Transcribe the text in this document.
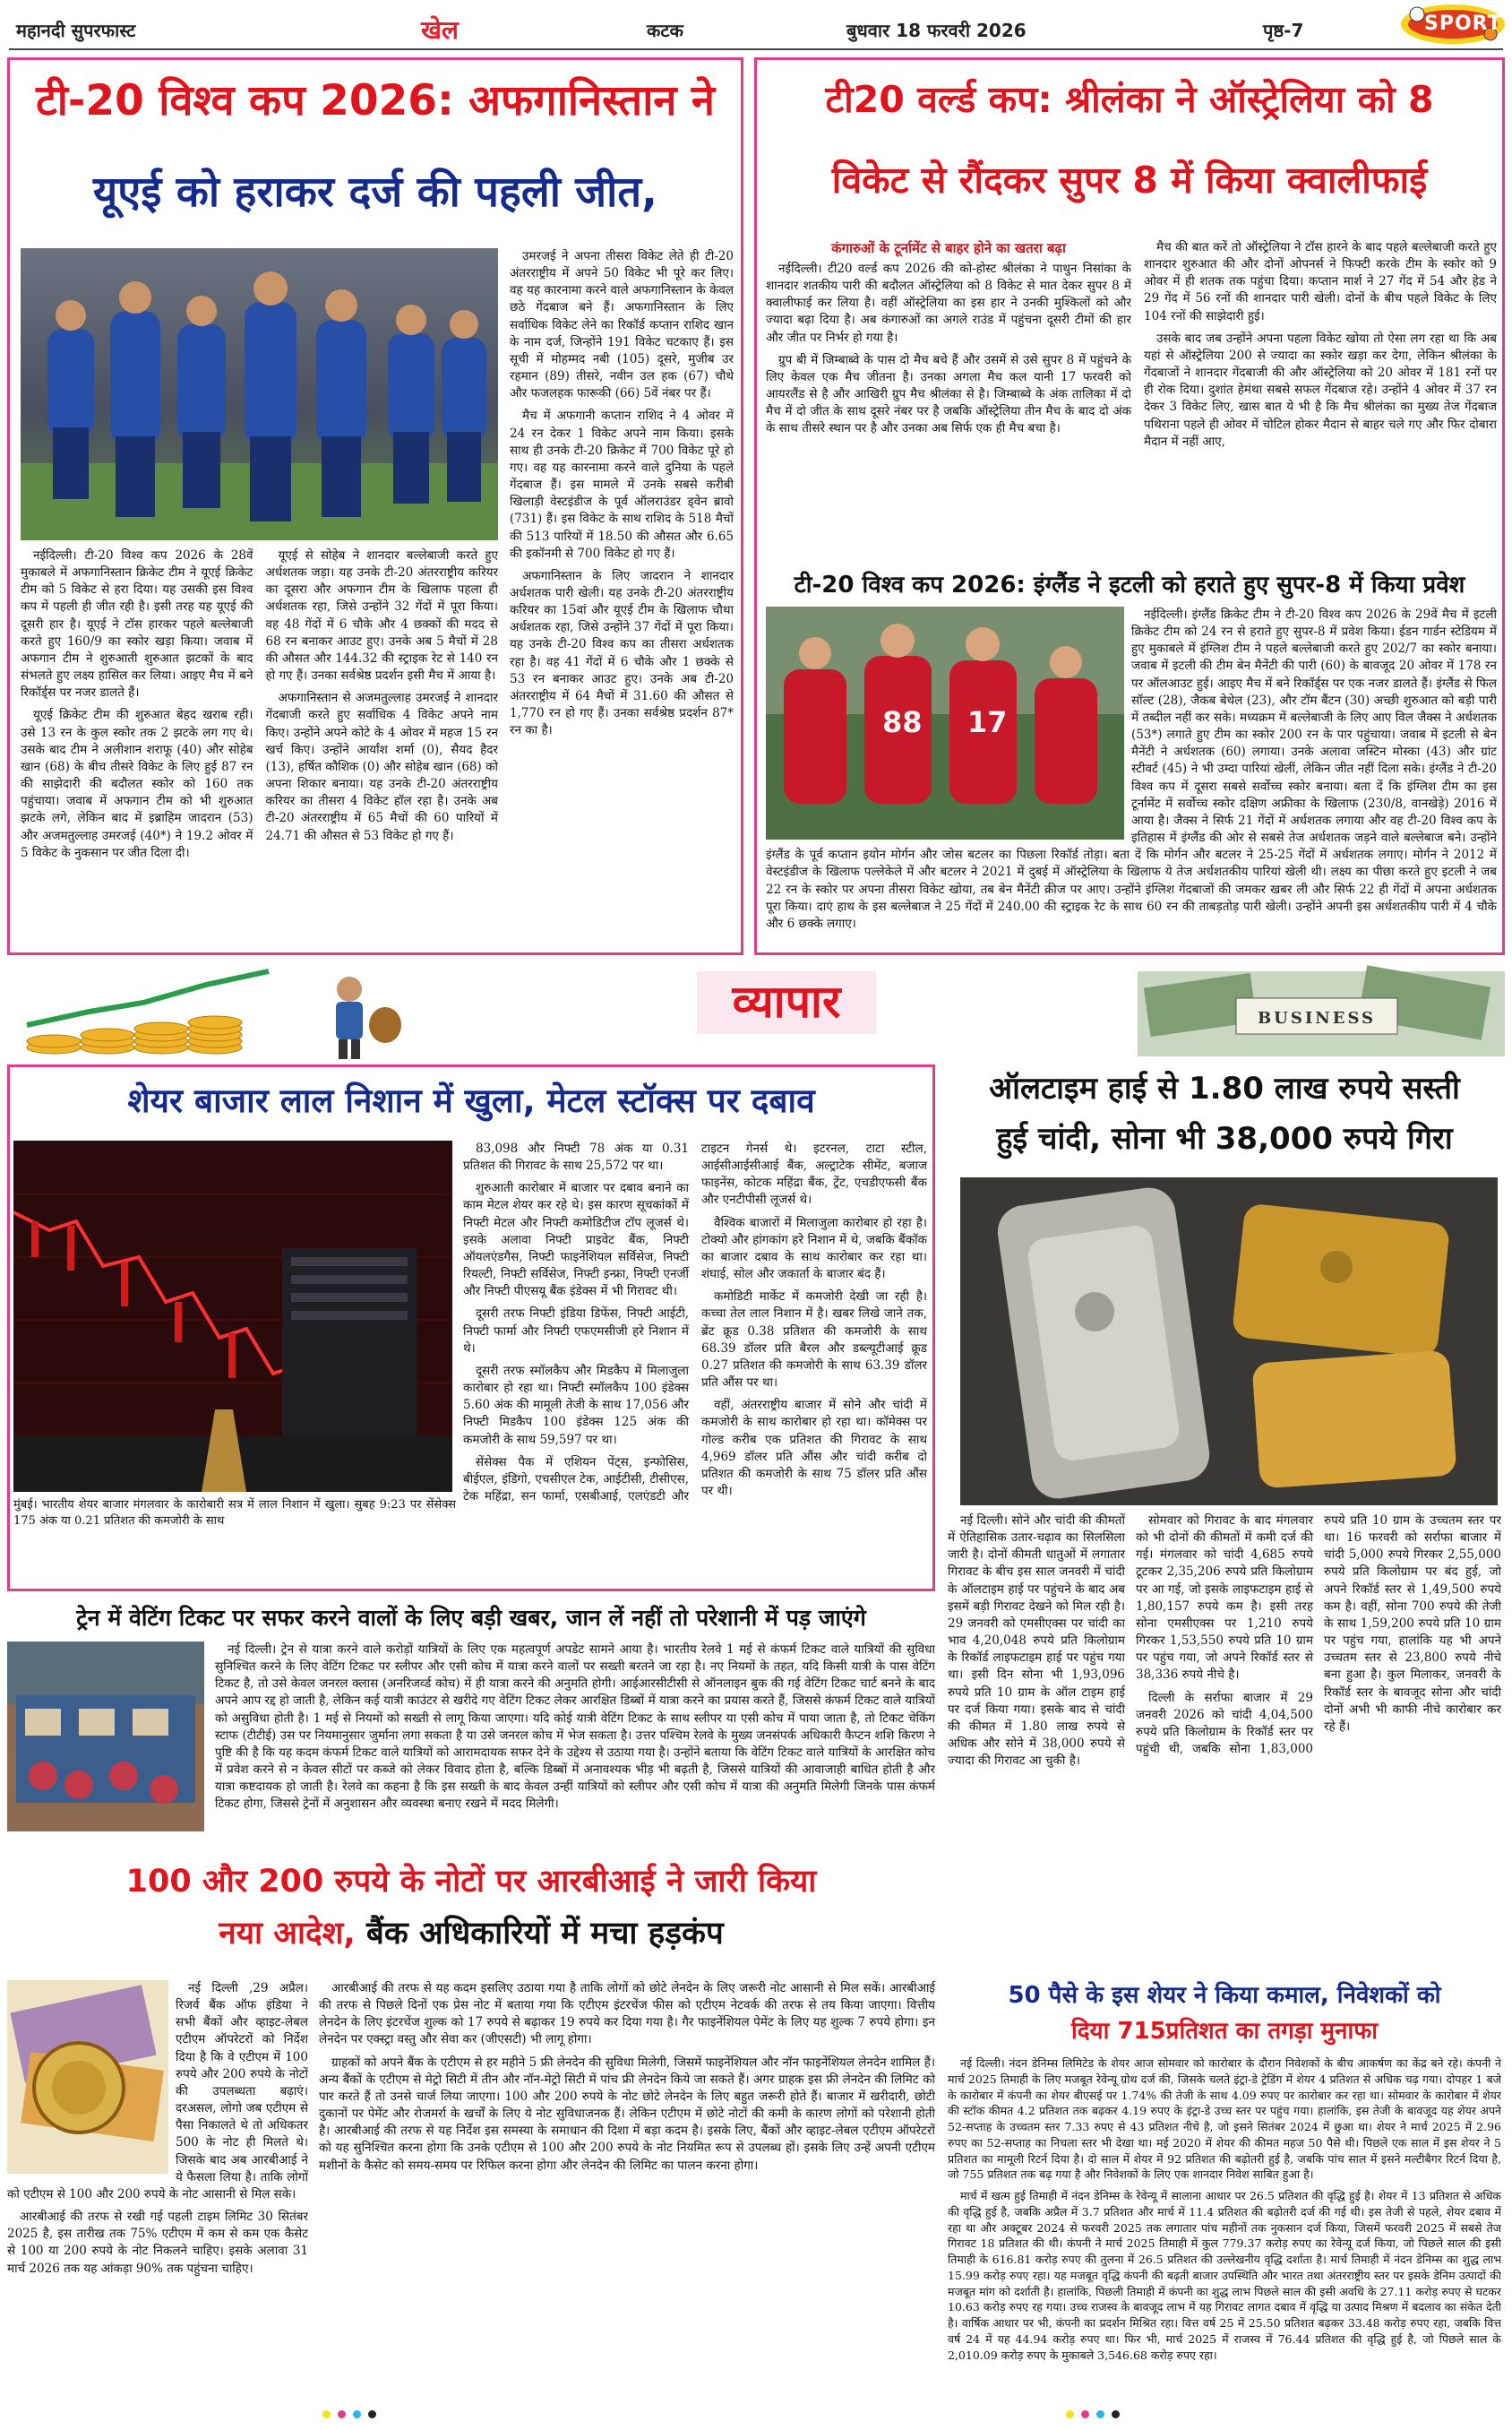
महानदी सुपरफास्ट	खेल	कटक	बुधवार 18 फरवरी 2026	पृष्ठ-7	SPORT
टी-20 विश्व कप 2026: अफगानिस्तान ने
यूएई को हराकर दर्ज की पहली जीत,

नईदिल्ली। टी-20 विश्व कप 2026 के 28वें मुकाबले में अफगानिस्तान क्रिकेट टीम ने यूएई क्रिकेट टीम को 5 विकेट से हरा दिया। यह उसकी इस विश्व कप में पहली ही जीत रही है। इसी तरह यह यूएई की दूसरी हार है। यूएई ने टॉस हारकर पहले बल्लेबाजी करते हुए 160/9 का स्कोर खड़ा किया। जवाब में अफगान टीम ने शुरुआती शुरुआत झटकों के बाद संभलते हुए लक्ष्य हासिल कर लिया। आइए मैच में बने रिकॉर्ड्स पर नजर डालते हैं।

यूएई क्रिकेट टीम की शुरुआत बेहद खराब रही। उसे 13 रन के कुल स्कोर तक 2 झटके लग गए थे। उसके बाद टीम ने अलीशान शराफू (40) और सोहेब खान (68) के बीच तीसरे विकेट के लिए हुई 87 रन की साझेदारी की बदौलत स्कोर को 160 तक पहुंचाया। जवाब में अफगान टीम को भी शुरुआत झटके लगे, लेकिन बाद में इब्राहिम जादरान (53) और अजमतुल्लाह उमरजई (40*) ने 19.2 ओवर में 5 विकेट के नुकसान पर जीत दिला दी।

यूएई से सोहेब ने शानदार बल्लेबाजी करते हुए अर्धशतक जड़ा। यह उनके टी-20 अंतरराष्ट्रीय करियर का दूसरा और अफगान टीम के खिलाफ पहला ही अर्धशतक रहा, जिसे उन्होंने 32 गेंदों में पूरा किया। वह 48 गेंदों में 6 चौके और 4 छक्कों की मदद से 68 रन बनाकर आउट हुए। उनके अब 5 मैचों में 28 की औसत और 144.32 की स्ट्राइक रेट से 140 रन हो गए हैं। उनका सर्वश्रेष्ठ प्रदर्शन इसी मैच में आया है।

अफगानिस्तान से अजमतुल्लाह उमरजई ने शानदार गेंदबाजी करते हुए सर्वाधिक 4 विकेट अपने नाम किए। उन्होंने अपने कोटे के 4 ओवर में महज 15 रन खर्च किए। उन्होंने आर्यांश शर्मा (0), सैयद हैदर (13), हर्षित कौशिक (0) और सोहेब खान (68) को अपना शिकार बनाया। यह उनके टी-20 अंतरराष्ट्रीय करियर का तीसरा 4 विकेट हॉल रहा है। उनके अब टी-20 अंतरराष्ट्रीय में 65 मैचों की 60 पारियों में 24.71 की औसत से 53 विकेट हो गए हैं।

उमरजई ने अपना तीसरा विकेट लेते ही टी-20 अंतरराष्ट्रीय में अपने 50 विकेट भी पूरे कर लिए। वह यह कारनामा करने वाले अफगानिस्तान के केवल छठे गेंदबाज बने हैं। अफगानिस्तान के लिए सर्वाधिक विकेट लेने का रिकॉर्ड कप्तान राशिद खान के नाम दर्ज, जिन्होंने 191 विकेट चटकाए हैं। इस सूची में मोहम्मद नबी (105) दूसरे, मुजीब उर रहमान (89) तीसरे, नवीन उल हक (67) चौथे और फजलहक फारूकी (66) 5वें नंबर पर हैं।

मैच में अफगानी कप्तान राशिद ने 4 ओवर में 24 रन देकर 1 विकेट अपने नाम किया। इसके साथ ही उनके टी-20 क्रिकेट में 700 विकेट पूरे हो गए। वह यह कारनामा करने वाले दुनिया के पहले गेंदबाज हैं। इस मामले में उनके सबसे करीबी खिलाड़ी वेस्टइंडीज के पूर्व ऑलराउंडर ड्वेन ब्रावो (731) हैं। इस विकेट के साथ राशिद के 518 मैचों की 513 पारियों में 18.50 की औसत और 6.65 की इकॉनमी से 700 विकेट हो गए हैं।

अफगानिस्तान के लिए जादरान ने शानदार अर्धशतक पारी खेली। यह उनके टी-20 अंतरराष्ट्रीय करियर का 15वां और यूएई टीम के खिलाफ चौथा अर्धशतक रहा, जिसे उन्होंने 37 गेंदों में पूरा किया। यह उनके टी-20 विश्व कप का तीसरा अर्धशतक रहा है। वह 41 गेंदों में 6 चौके और 1 छक्के से 53 रन बनाकर आउट हुए। उनके अब टी-20 अंतरराष्ट्रीय में 64 मैचों में 31.60 की औसत से 1,770 रन हो गए हैं। उनका सर्वश्रेष्ठ प्रदर्शन 87* रन का है।

टी20 वर्ल्ड कप: श्रीलंका ने ऑस्ट्रेलिया को 8
विकेट से रौंदकर सुपर 8 में किया क्वालीफाई
कंगारुओं के टूर्नामेंट से बाहर होने का खतरा बढ़ा

नईदिल्ली। टी20 वर्ल्ड कप 2026 की को-होस्ट श्रीलंका ने पाथुन निसांका के शानदार शतकीय पारी की बदौलत ऑस्ट्रेलिया को 8 विकेट से मात देकर सुपर 8 में क्वालीफाई कर लिया है। वहीं ऑस्ट्रेलिया का इस हार ने उनकी मुश्किलों को और ज्यादा बढ़ा दिया है। अब कंगारुओं का अगले राउंड में पहुंचना दूसरी टीमों की हार और जीत पर निर्भर हो गया है।

ग्रुप बी में जिम्बाब्वे के पास दो मैच बचे हैं और उसमें से उसे सुपर 8 में पहुंचने के लिए केवल एक मैच जीतना है। उनका अगला मैच कल यानी 17 फरवरी को आयरलैंड से है और आखिरी ग्रुप मैच श्रीलंका से है। जिम्बाब्वे के अंक तालिका में दो मैच में दो जीत के साथ दूसरे नंबर पर है जबकि ऑस्ट्रेलिया तीन मैच के बाद दो अंक के साथ तीसरे स्थान पर है और उनका अब सिर्फ एक ही मैच बचा है।

मैच की बात करें तो ऑस्ट्रेलिया ने टॉस हारने के बाद पहले बल्लेबाजी करते हुए शानदार शुरुआत की और दोनों ओपनर्स ने फिफ्टी करके टीम के स्कोर को 9 ओवर में ही शतक तक पहुंचा दिया। कप्तान मार्श ने 27 गेंद में 54 और हेड ने 29 गेंद में 56 रनों की शानदार पारी खेली। दोनों के बीच पहले विकेट के लिए 104 रनों की साझेदारी हुई।

उसके बाद जब उन्होंने अपना पहला विकेट खोया तो ऐसा लग रहा था कि अब यहां से ऑस्ट्रेलिया 200 से ज्यादा का स्कोर खड़ा कर देगा, लेकिन श्रीलंका के गेंदबाजों ने शानदार गेंदबाजी की और ऑस्ट्रेलिया को 20 ओवर में 181 रनों पर ही रोक दिया। दुशांत हेमंथा सबसे सफल गेंदबाज रहे। उन्होंने 4 ओवर में 37 रन देकर 3 विकेट लिए, खास बात ये भी है कि मैच श्रीलंका का मुख्य तेज गेंदबाज पथिराना पहले ही ओवर में चोटिल होकर मैदान से बाहर चले गए और फिर दोबारा मैदान में नहीं आए,

टी-20 विश्व कप 2026: इंग्लैंड ने इटली को हराते हुए सुपर-8 में किया प्रवेश
88 17

नईदिल्ली। इंग्लैंड क्रिकेट टीम ने टी-20 विश्व कप 2026 के 29वें मैच में इटली क्रिकेट टीम को 24 रन से हराते हुए सुपर-8 में प्रवेश किया। ईडन गार्डन स्टेडियम में हुए मुकाबले में इंग्लिश टीम ने पहले बल्लेबाजी करते हुए 202/7 का स्कोर बनाया। जवाब में इटली की टीम बेन मैनेंटी की पारी (60) के बावजूद 20 ओवर में 178 रन पर ऑलआउट हुई। आइए मैच में बने रिकॉर्ड्स पर एक नजर डालते हैं। इंग्लैंड से फिल सॉल्ट (28), जैकब बेथेल (23), और टॉम बैंटन (30) अच्छी शुरुआत को बड़ी पारी में तब्दील नहीं कर सके। मध्यक्रम में बल्लेबाजी के लिए आए विल जैक्स ने अर्धशतक (53*) लगाते हुए टीम का स्कोर 200 रन के पार पहुंचाया। जवाब में इटली से बेन मैनेंटी ने अर्धशतक (60) लगाया। उनके अलावा जस्टिन मोस्का (43) और ग्रांट स्टीवर्ट (45) ने भी उम्दा पारियां खेलीं, लेकिन जीत नहीं दिला सके। इंग्लैंड ने टी-20 विश्व कप में दूसरा सबसे सर्वोच्च स्कोर बनाया। बता दें कि इंग्लिश टीम का इस टूर्नामेंट में सर्वोच्च स्कोर दक्षिण अफ्रीका के खिलाफ (230/8, वानखेड़े) 2016 में आया है। जैक्स ने सिर्फ 21 गेंदों में अर्धशतक लगाया और वह टी-20 विश्व कप के इतिहास में इंग्लैंड की ओर से सबसे तेज अर्धशतक जड़ने वाले बल्लेबाज बने। उन्होंने इंग्लैंड के पूर्व कप्तान इयोन मोर्गन और जोस बटलर का पिछला रिकॉर्ड तोड़ा। बता दें कि मोर्गन और बटलर ने 25-25 गेंदों में अर्धशतक लगाए। मोर्गन ने 2012 में वेस्टइंडीज के खिलाफ पल्लेकेले में और बटलर ने 2021 में दुबई में ऑस्ट्रेलिया के खिलाफ ये तेज अर्धशतकीय पारियां खेली थी। लक्ष्य का पीछा करते हुए इटली ने जब 22 रन के स्कोर पर अपना तीसरा विकेट खोया, तब बेन मैनेंटी क्रीज पर आए। उन्होंने इंग्लिश गेंदबाजों की जमकर खबर ली और सिर्फ 22 ही गेंदों में अपना अर्धशतक पूरा किया। दाएं हाथ के इस बल्लेबाज ने 25 गेंदों में 240.00 की स्ट्राइक रेट के साथ 60 रन की ताबड़तोड़ पारी खेली। उन्होंने अपनी इस अर्धशतकीय पारी में 4 चौके और 6 छक्के लगाए।

व्यापार	BUSINESS
शेयर बाजार लाल निशान में खुला, मेटल स्टॉक्स पर दबाव
मुंबई। भारतीय शेयर बाजार मंगलवार के कारोबारी सत्र में लाल निशान में खुला। सुबह 9:23 पर सेंसेक्स 175 अंक या 0.21 प्रतिशत की कमजोरी के साथ

83,098 और निफ्टी 78 अंक या 0.31 प्रतिशत की गिरावट के साथ 25,572 पर था।

शुरुआती कारोबार में बाजार पर दबाव बनाने का काम मेटल शेयर कर रहे थे। इस कारण सूचकांकों में निफ्टी मेटल और निफ्टी कमोडिटीज टॉप लूजर्स थे। इसके अलावा निफ्टी प्राइवेट बैंक, निफ्टी ऑयलएंडगैस, निफ्टी फाइनेंशियल सर्विसेज, निफ्टी रियल्टी, निफ्टी सर्विसेज, निफ्टी इन्फ्रा, निफ्टी एनर्जी और निफ्टी पीएसयू बैंक इंडेक्स में भी गिरावट थी।

दूसरी तरफ निफ्टी इंडिया डिफेंस, निफ्टी आईटी, निफ्टी फार्मा और निफ्टी एफएमसीजी हरे निशान में थे।

दूसरी तरफ स्मॉलकैप और मिडकैप में मिलाजुला कारोबार हो रहा था। निफ्टी स्मॉलकैप 100 इंडेक्स 5.60 अंक की मामूली तेजी के साथ 17,056 और निफ्टी मिडकैप 100 इंडेक्स 125 अंक की कमजोरी के साथ 59,597 पर था।

सेंसेक्स पैक में एशियन पेंट्स, इन्फोसिस, बीईएल, इंडिगो, एचसीएल टेक, आईटीसी, टीसीएस, टेक महिंद्रा, सन फार्मा, एसबीआई, एलएंडटी और टाइटन गेनर्स थे। इटरनल, टाटा स्टील, आईसीआईसीआई बैंक, अल्ट्राटेक सीमेंट, बजाज फाइनेंस, कोटक महिंद्रा बैंक, ट्रेंट, एचडीएफसी बैंक और एनटीपीसी लूजर्स थे।

वैश्विक बाजारों में मिलाजुला कारोबार हो रहा है। टोक्यो और हांगकांग हरे निशान में थे, जबकि बैंकॉक का बाजार दबाव के साथ कारोबार कर रहा था। शंघाई, सोल और जकार्ता के बाजार बंद हैं।

कमोडिटी मार्केट में कमजोरी देखी जा रही है। कच्चा तेल लाल निशान में है। खबर लिखे जाने तक, ब्रेंट क्रूड 0.38 प्रतिशत की कमजोरी के साथ 68.39 डॉलर प्रति बैरल और डब्ल्यूटीआई क्रूड 0.27 प्रतिशत की कमजोरी के साथ 63.39 डॉलर प्रति औंस पर था।

वहीं, अंतरराष्ट्रीय बाजार में सोने और चांदी में कमजोरी के साथ कारोबार हो रहा था। कॉमेक्स पर गोल्ड करीब एक प्रतिशत की गिरावट के साथ 4,969 डॉलर प्रति औंस और चांदी करीब दो प्रतिशत की कमजोरी के साथ 75 डॉलर प्रति औंस पर थी।

ऑलटाइम हाई से 1.80 लाख रुपये सस्ती
हुई चांदी, सोना भी 38,000 रुपये गिरा

नई दिल्ली। सोने और चांदी की कीमतों में ऐतिहासिक उतार-चढ़ाव का सिलसिला जारी है। दोनों कीमती धातुओं में लगातार गिरावट के बीच इस साल जनवरी में चांदी के ऑलटाइम हाई पर पहुंचने के बाद अब इसमें बड़ी गिरावट देखने को मिल रही है। 29 जनवरी को एमसीएक्स पर चांदी का भाव 4,20,048 रुपये प्रति किलोग्राम के रिकॉर्ड लाइफटाइम हाई पर पहुंच गया था। इसी दिन सोना भी 1,93,096 रुपये प्रति 10 ग्राम के ऑल टाइम हाई पर दर्ज किया गया। इसके बाद से चांदी की कीमत में 1.80 लाख रुपये से अधिक और सोने में 38,000 रुपये से ज्यादा की गिरावट आ चुकी है।

सोमवार को गिरावट के बाद मंगलवार को भी दोनों की कीमतों में कमी दर्ज की गई। मंगलवार को चांदी 4,685 रुपये टूटकर 2,35,206 रुपये प्रति किलोग्राम पर आ गई, जो इसके लाइफटाइम हाई से 1,80,157 रुपये कम है। इसी तरह सोना एमसीएक्स पर 1,210 रुपये गिरकर 1,53,550 रुपये प्रति 10 ग्राम पर पहुंच गया, जो अपने रिकॉर्ड स्तर से 38,336 रुपये नीचे है।

दिल्ली के सर्राफा बाजार में 29 जनवरी 2026 को चांदी 4,04,500 रुपये प्रति किलोग्राम के रिकॉर्ड स्तर पर पहुंची थी, जबकि सोना 1,83,000 रुपये प्रति 10 ग्राम के उच्चतम स्तर पर था। 16 फरवरी को सर्राफा बाजार में चांदी 5,000 रुपये गिरकर 2,55,000 रुपये प्रति किलोग्राम पर बंद हुई, जो अपने रिकॉर्ड स्तर से 1,49,500 रुपये कम है। वहीं, सोना 700 रुपये की तेजी के साथ 1,59,200 रुपये प्रति 10 ग्राम पर पहुंच गया, हालांकि यह भी अपने उच्चतम स्तर से 23,800 रुपये नीचे बना हुआ है। कुल मिलाकर, जनवरी के रिकॉर्ड स्तर के बावजूद सोना और चांदी दोनों अभी भी काफी नीचे कारोबार कर रहे हैं।

ट्रेन में वेटिंग टिकट पर सफर करने वालों के लिए बड़ी खबर, जान लें नहीं तो परेशानी में पड़ जाएंगे

नई दिल्ली। ट्रेन से यात्रा करने वाले करोड़ों यात्रियों के लिए एक महत्वपूर्ण अपडेट सामने आया है। भारतीय रेलवे 1 मई से कंफर्म टिकट वाले यात्रियों की सुविधा सुनिश्चित करने के लिए वेटिंग टिकट पर स्लीपर और एसी कोच में यात्रा करने वालों पर सख्ती बरतने जा रहा है। नए नियमों के तहत, यदि किसी यात्री के पास वेटिंग टिकट है, तो उसे केवल जनरल क्लास (अनरिजर्व्ड कोच) में ही यात्रा करने की अनुमति होगी। आईआरसीटीसी से ऑनलाइन बुक की गई वेटिंग टिकट चार्ट बनने के बाद अपने आप रद्द हो जाती है, लेकिन कई यात्री काउंटर से खरीदे गए वेटिंग टिकट लेकर आरक्षित डिब्बों में यात्रा करने का प्रयास करते हैं, जिससे कंफर्म टिकट वाले यात्रियों को असुविधा होती है। 1 मई से नियमों को सख्ती से लागू किया जाएगा। यदि कोई यात्री वेटिंग टिकट के साथ स्लीपर या एसी कोच में पाया जाता है, तो टिकट चेकिंग स्टाफ (टीटीई) उस पर नियमानुसार जुर्माना लगा सकता है या उसे जनरल कोच में भेज सकता है। उत्तर पश्चिम रेलवे के मुख्य जनसंपर्क अधिकारी कैप्टन शशि किरण ने पुष्टि की है कि यह कदम कंफर्म टिकट वाले यात्रियों को आरामदायक सफर देने के उद्देश्य से उठाया गया है। उन्होंने बताया कि वेटिंग टिकट वाले यात्रियों के आरक्षित कोच में प्रवेश करने से न केवल सीटों पर कब्जे को लेकर विवाद होता है, बल्कि डिब्बों में अनावश्यक भीड़ भी बढ़ती है, जिससे यात्रियों की आवाजाही बाधित होती है और यात्रा कष्टदायक हो जाती है। रेलवे का कहना है कि इस सख्ती के बाद केवल उन्हीं यात्रियों को स्लीपर और एसी कोच में यात्रा की अनुमति मिलेगी जिनके पास कंफर्म टिकट होगा, जिससे ट्रेनों में अनुशासन और व्यवस्था बनाए रखने में मदद मिलेगी।

100 और 200 रुपये के नोटों पर आरबीआई ने जारी किया
नया आदेश, बैंक अधिकारियों में मचा हड़कंप

नई दिल्ली ,29 अप्रैल। रिजर्व बैंक ऑफ इंडिया ने सभी बैंकों और व्हाइट-लेबल एटीएम ऑपरेटरों को निर्देश दिया है कि वे एटीएम में 100 रुपये और 200 रुपये के नोटों की उपलब्धता बढ़ाएं। दरअसल, लोगो जब एटीएम से पैसा निकालते थे तो अधिकतर 500 के नोट ही मिलते थे। जिसके बाद अब आरबीआई ने ये फैसला लिया है। ताकि लोगों को एटीएम से 100 और 200 रुपये के नोट आसानी से मिल सके।

आरबीआई की तरफ से रखी गई पहली टाइम लिमिट 30 सितंबर 2025 है, इस तारीख तक 75% एटीएम में कम से कम एक कैसेट से 100 या 200 रुपये के नोट निकलने चाहिए। इसके अलावा 31 मार्च 2026 तक यह आंकड़ा 90% तक पहुंचना चाहिए।

आरबीआई की तरफ से यह कदम इसलिए उठाया गया है ताकि लोगों को छोटे लेनदेन के लिए जरूरी नोट आसानी से मिल सकें। आरबीआई की तरफ से पिछले दिनों एक प्रेस नोट में बताया गया कि एटीएम इंटरचेंज फीस को एटीएम नेटवर्क की तरफ से तय किया जाएगा। वित्तीय लेनदेन के लिए इंटरचेंज शुल्क को 17 रुपये से बढ़ाकर 19 रुपये कर दिया गया है। गैर फाइनेंशियल पेमेंट के लिए यह शुल्क 7 रुपये होगा। इन लेनदेन पर एक्स्ट्रा वस्तु और सेवा कर (जीएसटी) भी लागू होगा।

ग्राहकों को अपने बैंक के एटीएम से हर महीने 5 फ्री लेनदेन की सुविधा मिलेगी, जिसमें फाइनेंशियल और नॉन फाइनेंशियल लेनदेन शामिल हैं। अन्य बैंकों के एटीएम से मेट्रो सिटी में तीन और नॉन-मेट्रो सिटी में पांच फ्री लेनदेन किये जा सकते हैं। अगर ग्राहक इस फ्री लेनदेन की लिमिट को पार करते हैं तो उनसे चार्ज लिया जाएगा। 100 और 200 रुपये के नोट छोटे लेनदेन के लिए बहुत जरूरी होते हैं। बाजार में खरीदारी, छोटी दुकानों पर पेमेंट और रोजमर्रा के खर्चों के लिए ये नोट सुविधाजनक हैं। लेकिन एटीएम में छोटे नोटों की कमी के कारण लोगों को परेशानी होती है। आरबीआई की तरफ से यह निर्देश इस समस्या के समाधान की दिशा में बड़ा कदम है। इसके लिए, बैंकों और व्हाइट-लेबल एटीएम ऑपरेटरों को यह सुनिश्चित करना होगा कि उनके एटीएम से 100 और 200 रुपये के नोट नियमित रूप से उपलब्ध हों। इसके लिए उन्हें अपनी एटीएम मशीनों के कैसेट को समय-समय पर रिफिल करना होगा और लेनदेन की लिमिट का पालन करना होगा।

50 पैसे के इस शेयर ने किया कमाल, निवेशकों को
दिया 715प्रतिशत का तगड़ा मुनाफा

नई दिल्ली। नंदन डेनिम्स लिमिटेड के शेयर आज सोमवार को कारोबार के दौरान निवेशकों के बीच आकर्षण का केंद्र बने रहे। कंपनी ने मार्च 2025 तिमाही के लिए मजबूत रेवेन्यू ग्रोथ दर्ज की, जिसके चलते इंट्रा-डे ट्रेडिंग में शेयर 4 प्रतिशत से अधिक चढ़ गया। दोपहर 1 बजे के कारोबार में कंपनी का शेयर बीएसई पर 1.74% की तेजी के साथ 4.09 रुपए पर कारोबार कर रहा था। सोमवार के कारोबार में शेयर की स्टॉक कीमत 4.2 प्रतिशत तक बढ़कर 4.19 रुपए के इंट्रा-डे उच्च स्तर पर पहुंच गया। हालांकि, इस तेजी के बावजूद यह शेयर अपने 52-सप्ताह के उच्चतम स्तर 7.33 रुपए से 43 प्रतिशत नीचे है, जो इसने सितंबर 2024 में छुआ था। शेयर ने मार्च 2025 में 2.96 रुपए का 52-सप्ताह का निचला स्तर भी देखा था। मई 2020 में शेयर की कीमत महज 50 पैसे थी। पिछले एक साल में इस शेयर ने 5 प्रतिशत का मामूली रिटर्न दिया है। दो साल में शेयर में 92 प्रतिशत की बढ़ोतरी हुई है, जबकि पांच साल में इसने मल्टीबैगर रिटर्न दिया है, जो 755 प्रतिशत तक बढ़ गया है और निवेशकों के लिए एक शानदार निवेश साबित हुआ है।

मार्च में खत्म हुई तिमाही में नंदन डेनिम्स के रेवेन्यू में सालाना आधार पर 26.5 प्रतिशत की वृद्धि हुई है। शेयर में 13 प्रतिशत से अधिक की वृद्धि हुई है, जबकि अप्रैल में 3.7 प्रतिशत और मार्च में 11.4 प्रतिशत की बढ़ोतरी दर्ज की गई थी। इस तेजी से पहले, शेयर दबाव में रहा था और अक्टूबर 2024 से फरवरी 2025 तक लगातार पांच महीनों तक नुकसान दर्ज किया, जिसमें फरवरी 2025 में सबसे तेज गिरावट 18 प्रतिशत की थी। कंपनी ने मार्च 2025 तिमाही में कुल 779.37 करोड़ रुपए का रेवेन्यू दर्ज किया, जो पिछले साल की इसी तिमाही के 616.81 करोड़ रुपए की तुलना में 26.5 प्रतिशत की उल्लेखनीय वृद्धि दर्शाता है। मार्च तिमाही में नंदन डेनिम्स का शुद्ध लाभ 15.99 करोड़ रुपए रहा। यह मजबूत वृद्धि कंपनी की बढ़ती बाजार उपस्थिति और भारत तथा अंतरराष्ट्रीय स्तर पर इसके डेनिम उत्पादों की मजबूत मांग को दर्शाती है। हालांकि, पिछली तिमाही में कंपनी का शुद्ध लाभ पिछले साल की इसी अवधि के 27.11 करोड़ रुपए से घटकर 10.63 करोड़ रुपए रह गया। उच्च राजस्व के बावजूद लाभ में यह गिरावट लागत दबाव में वृद्धि या उत्पाद मिश्रण में बदलाव का संकेत देती है। वार्षिक आधार पर भी, कंपनी का प्रदर्शन मिश्रित रहा। वित्त वर्ष 25 में 25.50 प्रतिशत बढ़कर 33.48 करोड़ रुपए रहा, जबकि वित्त वर्ष 24 में यह 44.94 करोड़ रुपए था। फिर भी, मार्च 2025 में राजस्व में 76.44 प्रतिशत की वृद्धि हुई है, जो पिछले साल के 2,010.09 करोड़ रुपए के मुकाबले 3,546.68 करोड़ रुपए रहा।
